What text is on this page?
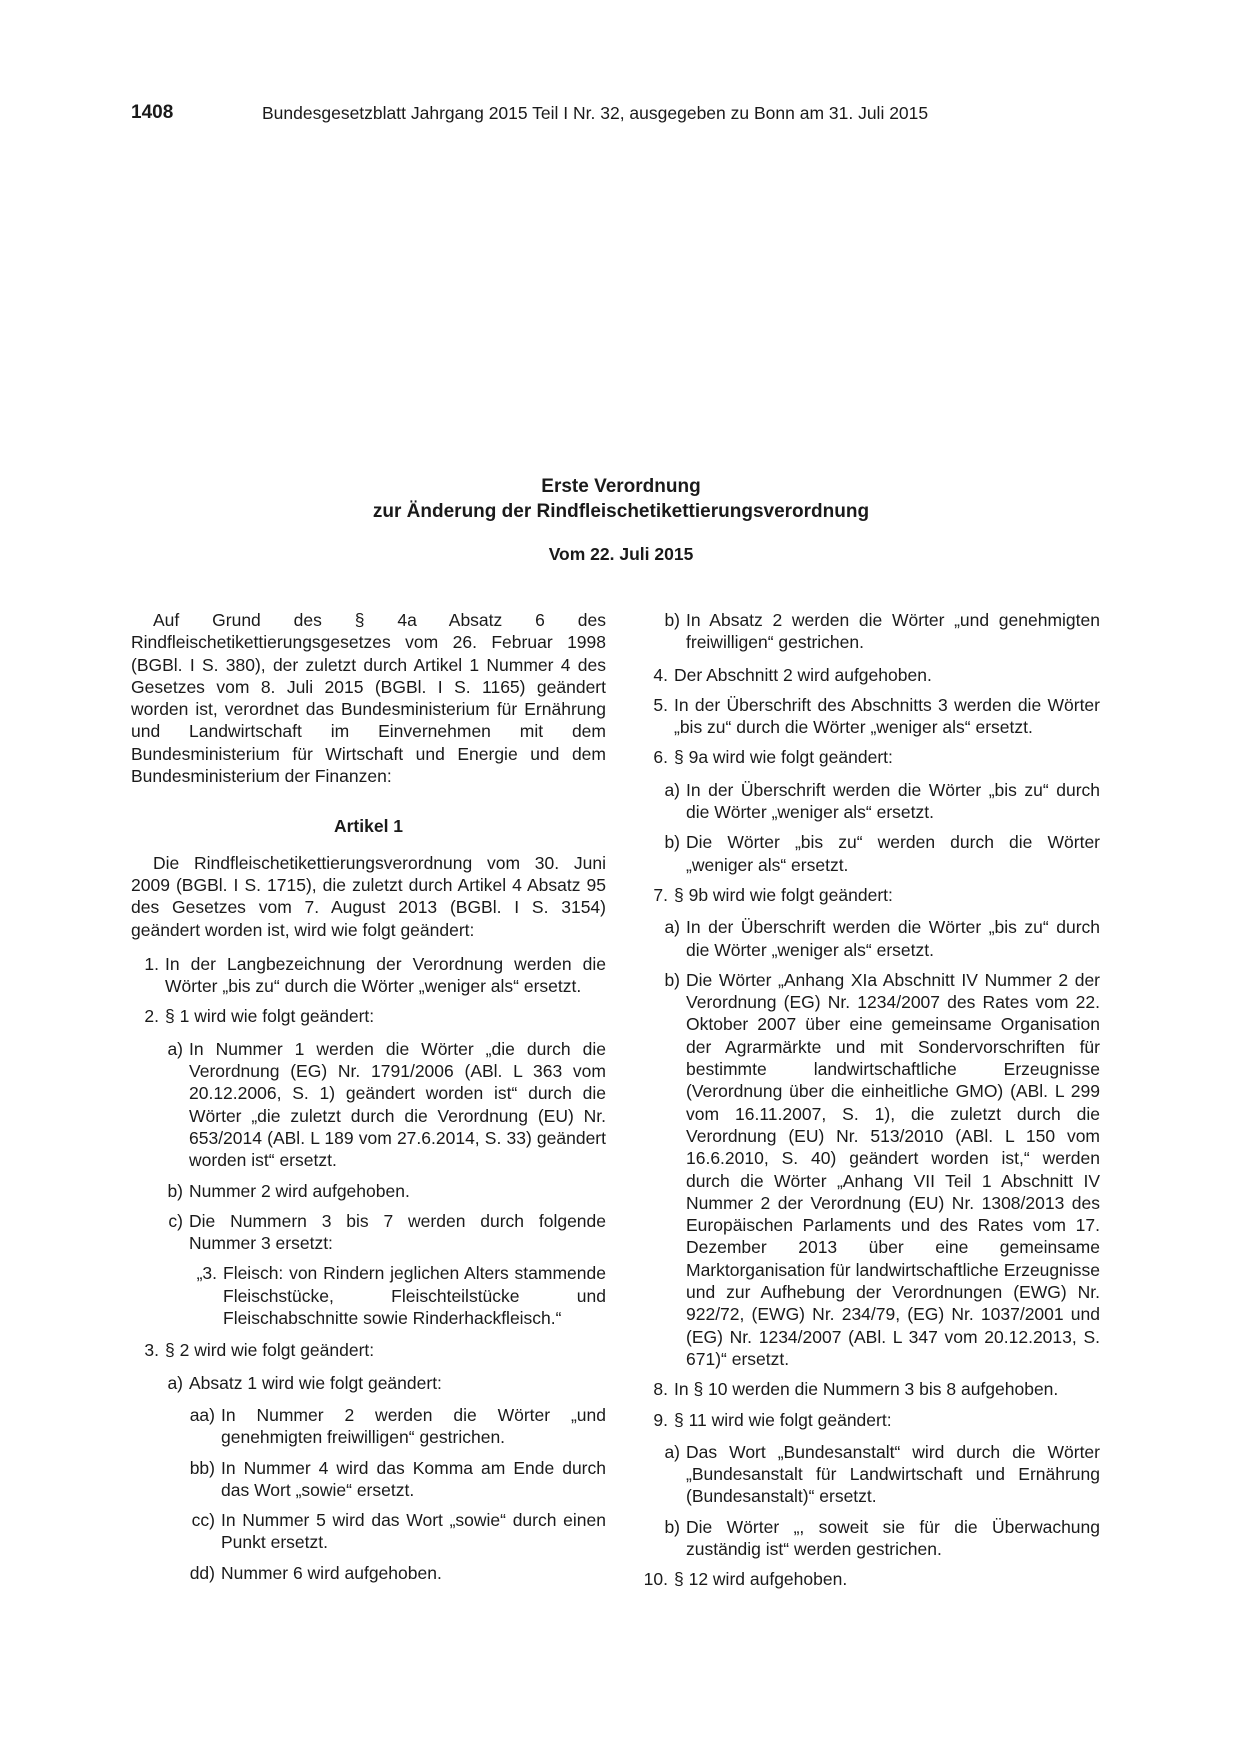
1408	Bundesgesetzblatt Jahrgang 2015 Teil I Nr. 32, ausgegeben zu Bonn am 31. Juli 2015
Erste Verordnung
zur Änderung der Rindfleischetikettierungsverordnung
Vom 22. Juli 2015

Auf Grund des § 4a Absatz 6 des Rindfleischetikettierungsgesetzes vom 26. Februar 1998 (BGBl. I S. 380), der zuletzt durch Artikel 1 Nummer 4 des Gesetzes vom 8. Juli 2015 (BGBl. I S. 1165) geändert worden ist, verordnet das Bundesministerium für Ernährung und Landwirtschaft im Einvernehmen mit dem Bundesministerium für Wirtschaft und Energie und dem Bundesministerium der Finanzen:

Artikel 1

Die Rindfleischetikettierungsverordnung vom 30. Juni 2009 (BGBl. I S. 1715), die zuletzt durch Artikel 4 Absatz 95 des Gesetzes vom 7. August 2013 (BGBl. I S. 3154) geändert worden ist, wird wie folgt geändert:

1. In der Langbezeichnung der Verordnung werden die Wörter „bis zu“ durch die Wörter „weniger als“ ersetzt.
2. § 1 wird wie folgt geändert:
a) In Nummer 1 werden die Wörter „die durch die Verordnung (EG) Nr. 1791/2006 (ABl. L 363 vom 20.12.2006, S. 1) geändert worden ist“ durch die Wörter „die zuletzt durch die Verordnung (EU) Nr. 653/2014 (ABl. L 189 vom 27.6.2014, S. 33) geändert worden ist“ ersetzt.
b) Nummer 2 wird aufgehoben.
c) Die Nummern 3 bis 7 werden durch folgende Nummer 3 ersetzt:
„3. Fleisch: von Rindern jeglichen Alters stammende Fleischstücke, Fleischteilstücke und Fleischabschnitte sowie Rinderhackfleisch.“
3. § 2 wird wie folgt geändert:
a) Absatz 1 wird wie folgt geändert:
aa) In Nummer 2 werden die Wörter „und genehmigten freiwilligen“ gestrichen.
bb) In Nummer 4 wird das Komma am Ende durch das Wort „sowie“ ersetzt.
cc) In Nummer 5 wird das Wort „sowie“ durch einen Punkt ersetzt.
dd) Nummer 6 wird aufgehoben.
b) In Absatz 2 werden die Wörter „und genehmigten freiwilligen“ gestrichen.
4. Der Abschnitt 2 wird aufgehoben.
5. In der Überschrift des Abschnitts 3 werden die Wörter „bis zu“ durch die Wörter „weniger als“ ersetzt.
6. § 9a wird wie folgt geändert:
a) In der Überschrift werden die Wörter „bis zu“ durch die Wörter „weniger als“ ersetzt.
b) Die Wörter „bis zu“ werden durch die Wörter „weniger als“ ersetzt.
7. § 9b wird wie folgt geändert:
a) In der Überschrift werden die Wörter „bis zu“ durch die Wörter „weniger als“ ersetzt.
b) Die Wörter „Anhang XIa Abschnitt IV Nummer 2 der Verordnung (EG) Nr. 1234/2007 des Rates vom 22. Oktober 2007 über eine gemeinsame Organisation der Agrarmärkte und mit Sondervorschriften für bestimmte landwirtschaftliche Erzeugnisse (Verordnung über die einheitliche GMO) (ABl. L 299 vom 16.11.2007, S. 1), die zuletzt durch die Verordnung (EU) Nr. 513/2010 (ABl. L 150 vom 16.6.2010, S. 40) geändert worden ist,“ werden durch die Wörter „Anhang VII Teil 1 Abschnitt IV Nummer 2 der Verordnung (EU) Nr. 1308/2013 des Europäischen Parlaments und des Rates vom 17. Dezember 2013 über eine gemeinsame Marktorganisation für landwirtschaftliche Erzeugnisse und zur Aufhebung der Verordnungen (EWG) Nr. 922/72, (EWG) Nr. 234/79, (EG) Nr. 1037/2001 und (EG) Nr. 1234/2007 (ABl. L 347 vom 20.12.2013, S. 671)“ ersetzt.
8. In § 10 werden die Nummern 3 bis 8 aufgehoben.
9. § 11 wird wie folgt geändert:
a) Das Wort „Bundesanstalt“ wird durch die Wörter „Bundesanstalt für Landwirtschaft und Ernährung (Bundesanstalt)“ ersetzt.
b) Die Wörter „, soweit sie für die Überwachung zuständig ist“ werden gestrichen.
10. § 12 wird aufgehoben.
